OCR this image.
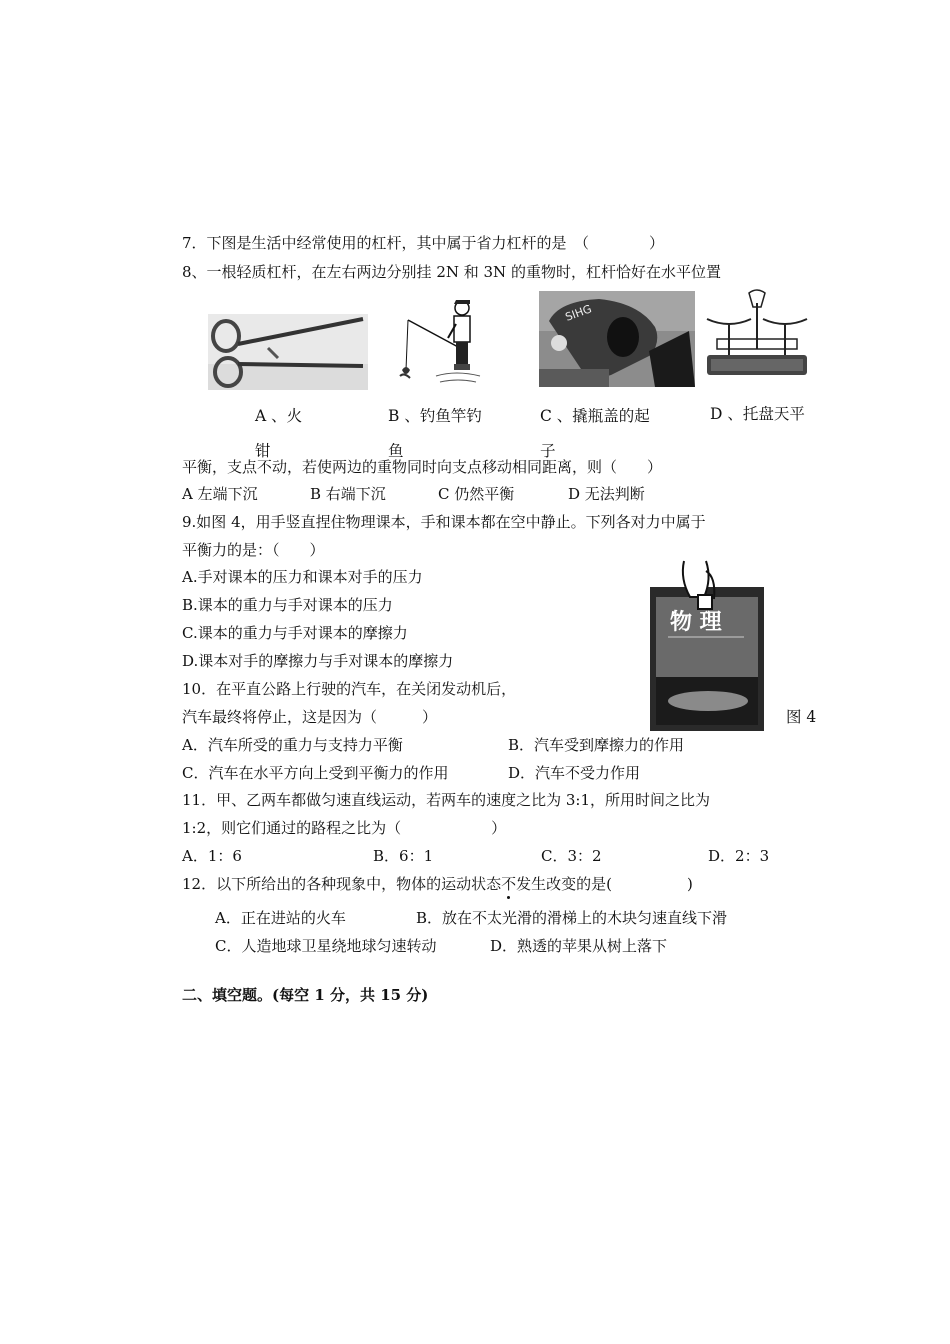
7．下图是生活中经常使用的杠杆，其中属于省力杠杆的是　（　　　　）
8、一根轻质杠杆，在左右两边分别挂 2N 和 3N 的重物时，杠杆恰好在水平位置
SIHG
A 、火
钳
B 、钓鱼竿钓
鱼
C 、撬瓶盖的起
子
D 、托盘天平
平衡，支点不动，若使两边的重物同时向支点移动相同距离，则（　　）
A 左端下沉	B 右端下沉	C 仍然平衡	D 无法判断
9.如图 4，用手竖直捏住物理课本，手和课本都在空中静止。下列各对力中属于
平衡力的是：（　　）
A.手对课本的压力和课本对手的压力
B.课本的重力与手对课本的压力
C.课本的重力与手对课本的摩擦力
D.课本对手的摩擦力与手对课本的摩擦力
物 理
图 4
10．在平直公路上行驶的汽车，在关闭发动机后，
汽车最终将停止，这是因为（　　　）
A．汽车所受的重力与支持力平衡	B．汽车受到摩擦力的作用
C．汽车在水平方向上受到平衡力的作用	D．汽车不受力作用
11．甲、乙两车都做匀速直线运动，若两车的速度之比为 3:1，所用时间之比为
1:2，则它们通过的路程之比为（　　　　　　）
A．1：6	B．6：1	C．3：2	D．2：3
12．以下所给出的各种现象中，物体的运动状态不发生改变的是(　　　　　)
A．正在进站的火车	B．放在不太光滑的滑梯上的木块匀速直线下滑
C．人造地球卫星绕地球匀速转动	D．熟透的苹果从树上落下
二、填空题。(每空 1 分，共 15 分)
